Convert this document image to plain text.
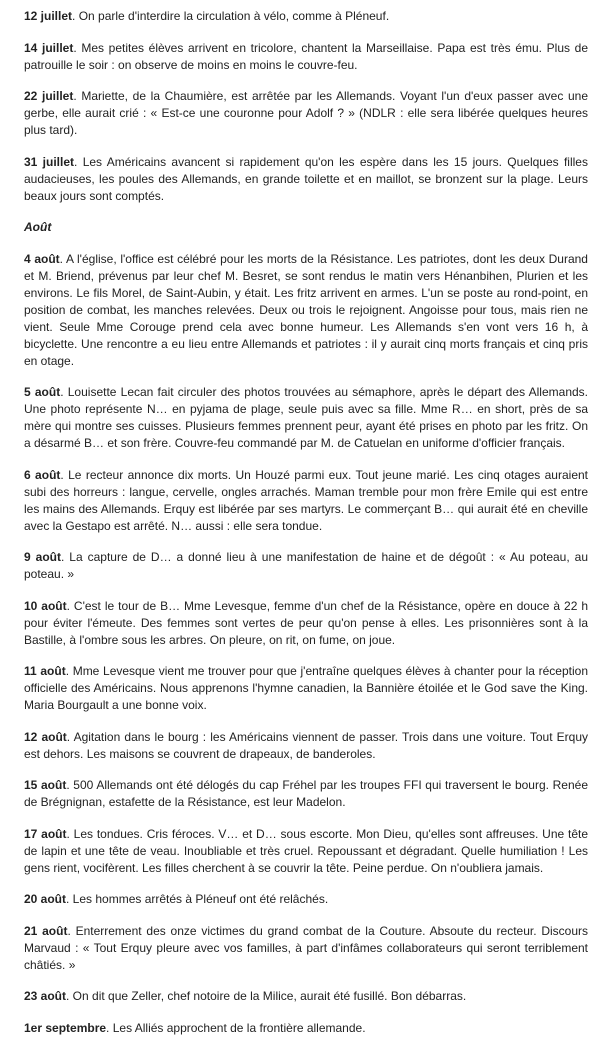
12 juillet. On parle d'interdire la circulation à vélo, comme à Pléneuf.

14 juillet. Mes petites élèves arrivent en tricolore, chantent la Marseillaise. Papa est très ému. Plus de patrouille le soir : on observe de moins en moins le couvre-feu.

22 juillet. Mariette, de la Chaumière, est arrêtée par les Allemands. Voyant l'un d'eux passer avec une gerbe, elle aurait crié : « Est-ce une couronne pour Adolf ? » (NDLR : elle sera libérée quelques heures plus tard).

31 juillet. Les Américains avancent si rapidement qu'on les espère dans les 15 jours. Quelques filles audacieuses, les poules des Allemands, en grande toilette et en maillot, se bronzent sur la plage. Leurs beaux jours sont comptés.

Août

4 août. A l'église, l'office est célébré pour les morts de la Résistance. Les patriotes, dont les deux Durand et M. Briend, prévenus par leur chef M. Besret, se sont rendus le matin vers Hénanbihen, Plurien et les environs. Le fils Morel, de Saint-Aubin, y était. Les fritz arrivent en armes. L'un se poste au rond-point, en position de combat, les manches relevées. Deux ou trois le rejoignent. Angoisse pour tous, mais rien ne vient. Seule Mme Corouge prend cela avec bonne humeur. Les Allemands s'en vont vers 16 h, à bicyclette. Une rencontre a eu lieu entre Allemands et patriotes : il y aurait cinq morts français et cinq pris en otage.

5 août. Louisette Lecan fait circuler des photos trouvées au sémaphore, après le départ des Allemands. Une photo représente N… en pyjama de plage, seule puis avec sa fille. Mme R… en short, près de sa mère qui montre ses cuisses. Plusieurs femmes prennent peur, ayant été prises en photo par les fritz. On a désarmé B… et son frère. Couvre-feu commandé par M. de Catuelan en uniforme d'officier français.

6 août. Le recteur annonce dix morts. Un Houzé parmi eux. Tout jeune marié. Les cinq otages auraient subi des horreurs : langue, cervelle, ongles arrachés. Maman tremble pour mon frère Emile qui est entre les mains des Allemands. Erquy est libérée par ses martyrs. Le commerçant B… qui aurait été en cheville avec la Gestapo est arrêté. N… aussi : elle sera tondue.

9 août. La capture de D… a donné lieu à une manifestation de haine et de dégoût : « Au poteau, au poteau. »

10 août. C'est le tour de B… Mme Levesque, femme d'un chef de la Résistance, opère en douce à 22 h pour éviter l'émeute. Des femmes sont vertes de peur qu'on pense à elles. Les prisonnières sont à la Bastille, à l'ombre sous les arbres. On pleure, on rit, on fume, on joue.

11 août. Mme Levesque vient me trouver pour que j'entraîne quelques élèves à chanter pour la réception officielle des Américains. Nous apprenons l'hymne canadien, la Bannière étoilée et le God save the King. Maria Bourgault a une bonne voix.

12 août. Agitation dans le bourg : les Américains viennent de passer. Trois dans une voiture. Tout Erquy est dehors. Les maisons se couvrent de drapeaux, de banderoles.

15 août. 500 Allemands ont été délogés du cap Fréhel par les troupes FFI qui traversent le bourg. Renée de Brégnignan, estafette de la Résistance, est leur Madelon.

17 août. Les tondues. Cris féroces. V… et D… sous escorte. Mon Dieu, qu'elles sont affreuses. Une tête de lapin et une tête de veau. Inoubliable et très cruel. Repoussant et dégradant. Quelle humiliation ! Les gens rient, vocifèrent. Les filles cherchent à se couvrir la tête. Peine perdue. On n'oubliera jamais.

20 août. Les hommes arrêtés à Pléneuf ont été relâchés.

21 août. Enterrement des onze victimes du grand combat de la Couture. Absoute du recteur. Discours Marvaud : « Tout Erquy pleure avec vos familles, à part d'infâmes collaborateurs qui seront terriblement châtiés. »

23 août. On dit que Zeller, chef notoire de la Milice, aurait été fusillé. Bon débarras.

1er septembre. Les Alliés approchent de la frontière allemande.
